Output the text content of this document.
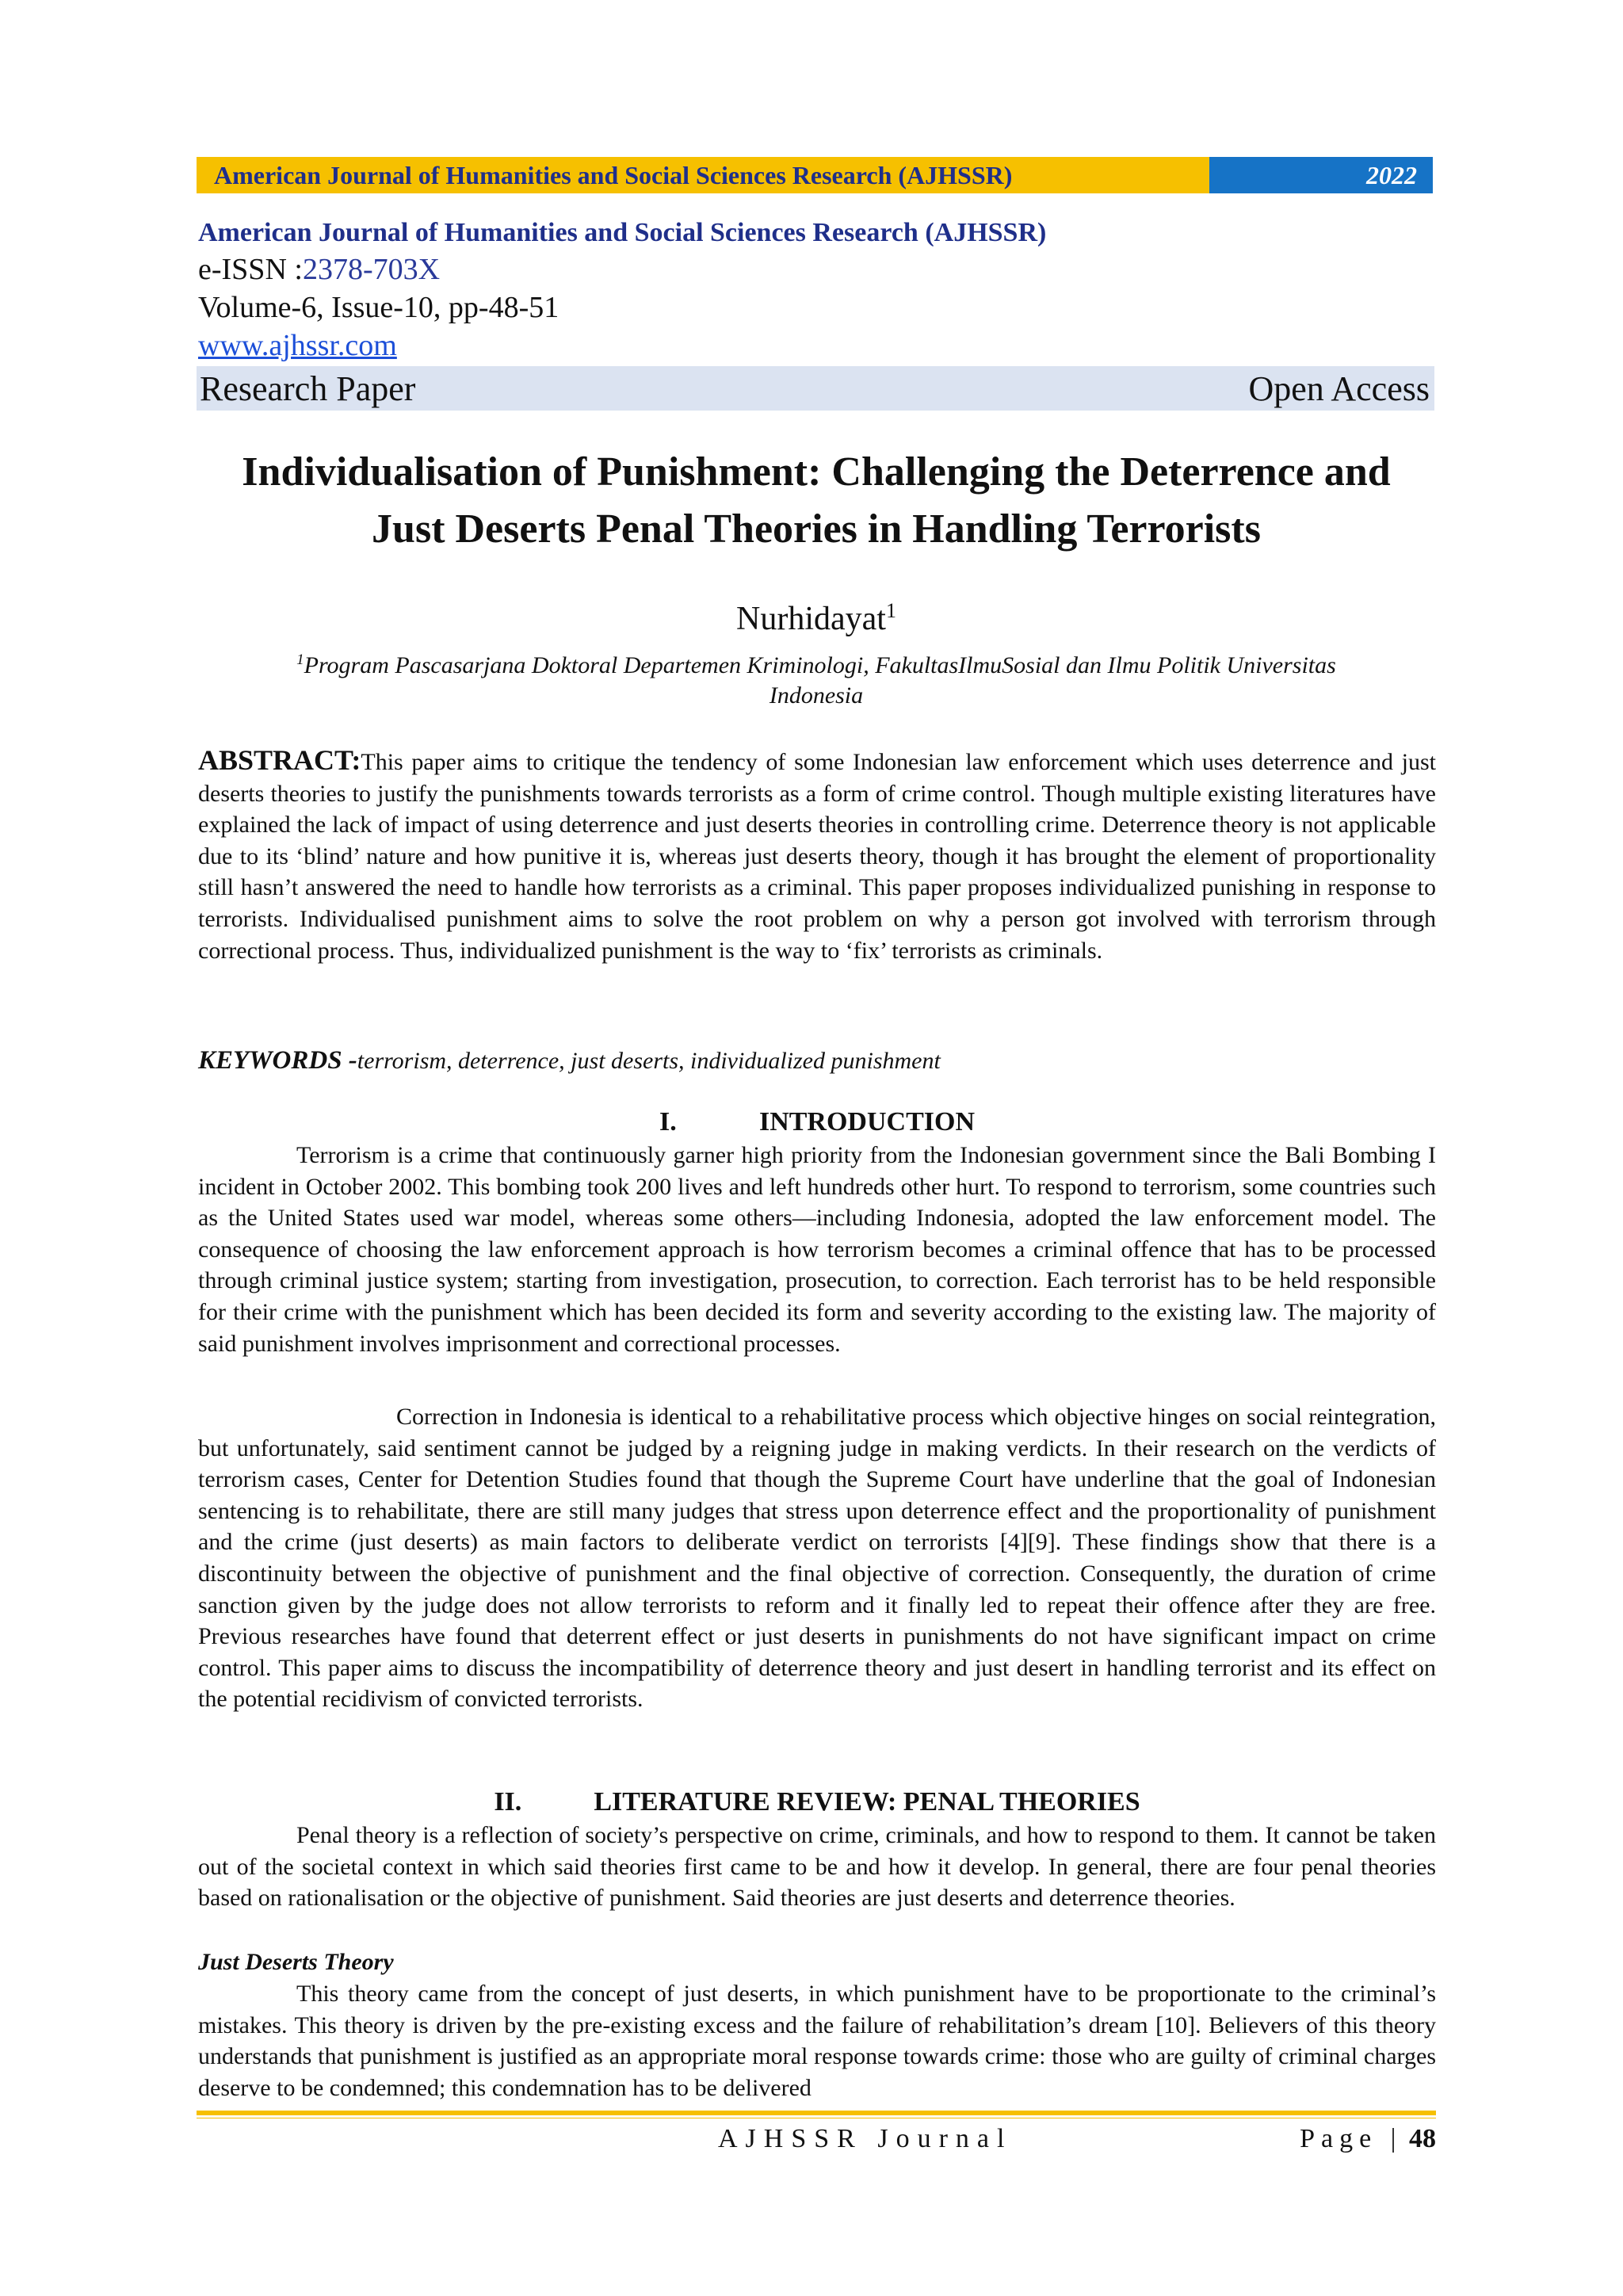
American Journal of Humanities and Social Sciences Research (AJHSSR)	2022
American Journal of Humanities and Social Sciences Research (AJHSSR)
e-ISSN :2378-703X
Volume-6, Issue-10, pp-48-51
www.ajhssr.com
Research Paper	Open Access
Individualisation of Punishment: Challenging the Deterrence and
Just Deserts Penal Theories in Handling Terrorists
Nurhidayat$^1$
$^1$Program Pascasarjana Doktoral Departemen Kriminologi, FakultasIlmuSosial dan Ilmu Politik Universitas
Indonesia
ABSTRACT:This paper aims to critique the tendency of some Indonesian law enforcement which uses deterrence and just deserts theories to justify the punishments towards terrorists as a form of crime control. Though multiple existing literatures have explained the lack of impact of using deterrence and just deserts theories in controlling crime. Deterrence theory is not applicable due to its ‘blind’ nature and how punitive it is, whereas just deserts theory, though it has brought the element of proportionality still hasn’t answered the need to handle how terrorists as a criminal. This paper proposes individualized punishing in response to terrorists. Individualised punishment aims to solve the root problem on why a person got involved with terrorism through correctional process. Thus, individualized punishment is the way to ‘fix’ terrorists as criminals.
KEYWORDS -terrorism, deterrence, just deserts, individualized punishment
I.	INTRODUCTION
Terrorism is a crime that continuously garner high priority from the Indonesian government since the Bali Bombing I incident in October 2002. This bombing took 200 lives and left hundreds other hurt. To respond to terrorism, some countries such as the United States used war model, whereas some others—including Indonesia, adopted the law enforcement model. The consequence of choosing the law enforcement approach is how terrorism becomes a criminal offence that has to be processed through criminal justice system; starting from investigation, prosecution, to correction. Each terrorist has to be held responsible for their crime with the punishment which has been decided its form and severity according to the existing law. The majority of said punishment involves imprisonment and correctional processes.
Correction in Indonesia is identical to a rehabilitative process which objective hinges on social reintegration, but unfortunately, said sentiment cannot be judged by a reigning judge in making verdicts. In their research on the verdicts of terrorism cases, Center for Detention Studies found that though the Supreme Court have underline that the goal of Indonesian sentencing is to rehabilitate, there are still many judges that stress upon deterrence effect and the proportionality of punishment and the crime (just deserts) as main factors to deliberate verdict on terrorists [4][9]. These findings show that there is a discontinuity between the objective of punishment and the final objective of correction. Consequently, the duration of crime sanction given by the judge does not allow terrorists to reform and it finally led to repeat their offence after they are free. Previous researches have found that deterrent effect or just deserts in punishments do not have significant impact on crime control. This paper aims to discuss the incompatibility of deterrence theory and just desert in handling terrorist and its effect on the potential recidivism of convicted terrorists.
II.	LITERATURE REVIEW: PENAL THEORIES
Penal theory is a reflection of society’s perspective on crime, criminals, and how to respond to them. It cannot be taken out of the societal context in which said theories first came to be and how it develop. In general, there are four penal theories based on rationalisation or the objective of punishment. Said theories are just deserts and deterrence theories.
Just Deserts Theory
This theory came from the concept of just deserts, in which punishment have to be proportionate to the criminal’s mistakes. This theory is driven by the pre-existing excess and the failure of rehabilitation’s dream [10]. Believers of this theory understands that punishment is justified as an appropriate moral response towards crime: those who are guilty of criminal charges deserve to be condemned; this condemnation has to be delivered
AJHSSR Journal	Page | 48
